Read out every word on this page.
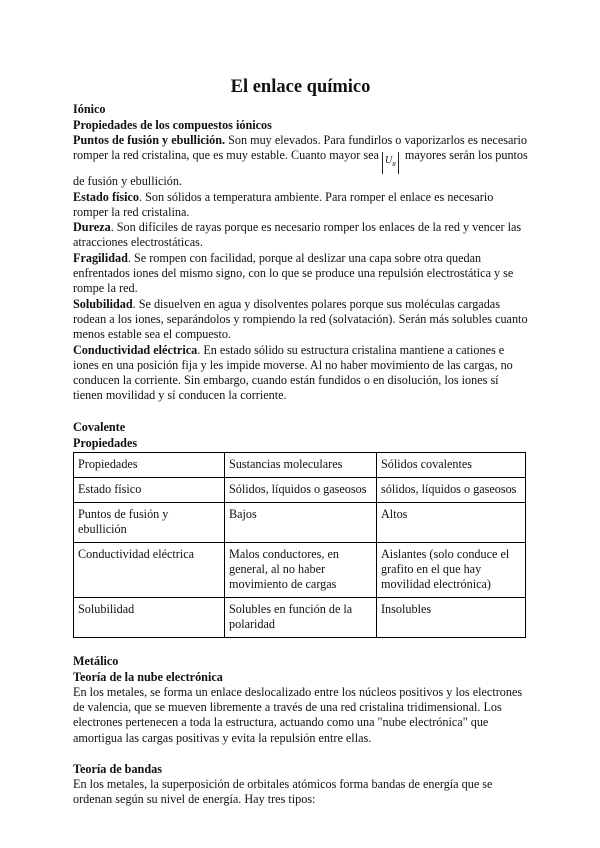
El enlace químico
Iónico
Propiedades de los compuestos iónicos

Puntos de fusión y ebullición. Son muy elevados. Para fundirlos o vaporizarlos es necesario romper la red cristalina, que es muy estable. Cuanto mayor sea $U_R$ mayores serán los puntos de fusión y ebullición.

Estado físico. Son sólidos a temperatura ambiente. Para romper el enlace es necesario romper la red cristalina.

Dureza. Son difíciles de rayas porque es necesario romper los enlaces de la red y vencer las atracciones electrostáticas.

Fragilidad. Se rompen con facilidad, porque al deslizar una capa sobre otra quedan enfrentados iones del mismo signo, con lo que se produce una repulsión electrostática y se rompe la red.

Solubilidad. Se disuelven en agua y disolventes polares porque sus moléculas cargadas rodean a los iones, separándolos y rompiendo la red (solvatación). Serán más solubles cuanto menos estable sea el compuesto.

Conductividad eléctrica. En estado sólido su estructura cristalina mantiene a cationes e iones en una posición fija y les impide moverse. Al no haber movimiento de las cargas, no conducen la corriente. Sin embargo, cuando están fundidos o en disolución, los iones sí tienen movilidad y sí conducen la corriente.

Covalente
Propiedades
Propiedades	Sustancias moleculares	Sólidos covalentes
Estado físico	Sólidos, líquidos o gaseosos	sólidos, líquidos o gaseosos
Puntos de fusión y ebullición	Bajos	Altos
Conductividad eléctrica	Malos conductores, en general, al no haber movimiento de cargas	Aislantes (solo conduce el grafito en el que hay movilidad electrónica)
Solubilidad	Solubles en función de la polaridad	Insolubles
Metálico
Teoría de la nube electrónica

En los metales, se forma un enlace deslocalizado entre los núcleos positivos y los electrones de valencia, que se mueven libremente a través de una red cristalina tridimensional. Los electrones pertenecen a toda la estructura, actuando como una "nube electrónica" que amortigua las cargas positivas y evita la repulsión entre ellas.

Teoría de bandas

En los metales, la superposición de orbitales atómicos forma bandas de energía que se ordenan según su nivel de energía. Hay tres tipos:
